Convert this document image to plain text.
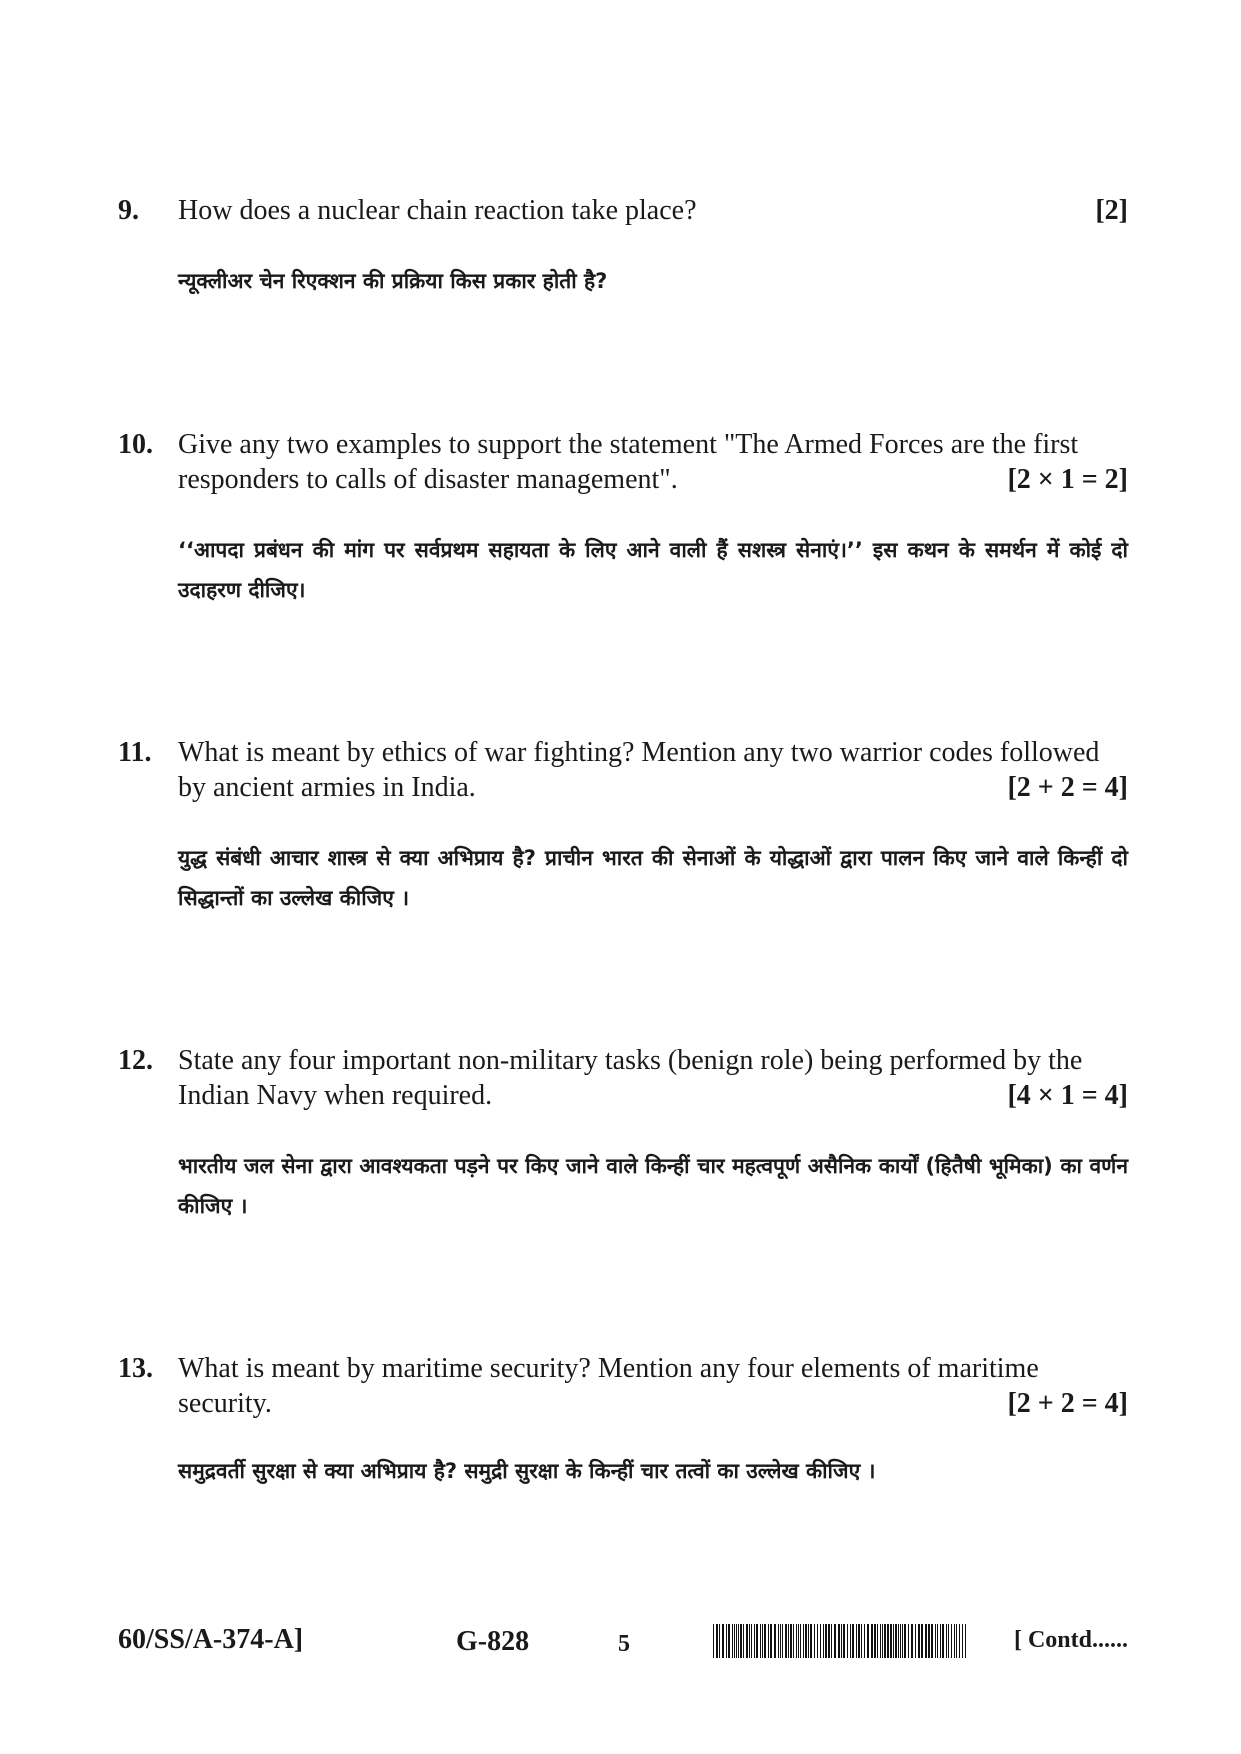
9.	[2]
How does a nuclear chain reaction take place?
न्यूक्लीअर चेन रिएक्शन की प्रक्रिया किस प्रकार होती है?
10. Give any two examples to support the statement "The Armed Forces are the first responders to calls of disaster management".	[2 × 1 = 2]
‘‘आपदा प्रबंधन की मांग पर सर्वप्रथम सहायता के लिए आने वाली हैं सशस्त्र सेनाएं।’’ इस कथन के समर्थन में कोई दो उदाहरण दीजिए।
11. What is meant by ethics of war fighting? Mention any two warrior codes followed by ancient armies in India.	[2 + 2 = 4]
युद्ध संबंधी आचार शास्त्र से क्या अभिप्राय है? प्राचीन भारत की सेनाओं के योद्धाओं द्वारा पालन किए जाने वाले किन्हीं दो सिद्धान्तों का उल्लेख कीजिए ।
12. State any four important non-military tasks (benign role) being performed by the Indian Navy when required.	[4 × 1 = 4]
भारतीय जल सेना द्वारा आवश्यकता पड़ने पर किए जाने वाले किन्हीं चार महत्वपूर्ण असैनिक कार्यों (हितैषी भूमिका) का वर्णन कीजिए ।
13. What is meant by maritime security? Mention any four elements of maritime security.	[2 + 2 = 4]
समुद्रवर्ती सुरक्षा से क्या अभिप्राय है? समुद्री सुरक्षा के किन्हीं चार तत्वों का उल्लेख कीजिए ।
60/SS/A-374-A]	G-828	5	[ Contd......
